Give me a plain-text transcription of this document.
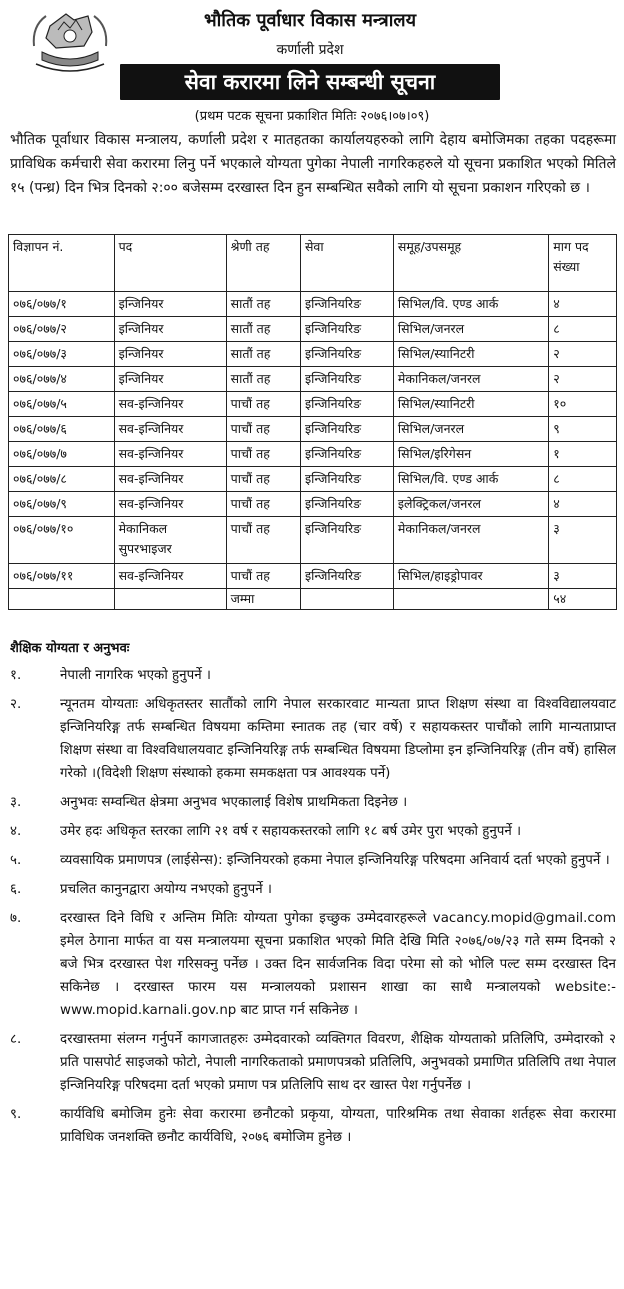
भौतिक पूर्वाधार विकास मन्त्रालय
कर्णाली प्रदेश
सेवा करारमा लिने सम्बन्धी सूचना
(प्रथम पटक सूचना प्रकाशित मितिः २०७६।०७।०९)
भौतिक पूर्वाधार विकास मन्त्रालय, कर्णाली प्रदेश र मातहतका कार्यालयहरुको लागि देहाय बमोजिमका तहका पदहरूमा प्राविधिक कर्मचारी सेवा करारमा लिनु पर्ने भएकाले योग्यता पुगेका नेपाली नागरिकहरुले यो सूचना प्रकाशित भएको मितिले १५ (पन्ध्र) दिन भित्र दिनको २:०० बजेसम्म दरखास्त दिन हुन सम्बन्धित सवैको लागि यो सूचना प्रकाशन गरिएको छ ।
विज्ञापन नं.	पद	श्रेणी तह	सेवा	समूह/उपसमूह	माग पद संख्या
०७६/०७७/१	इन्जिनियर	सातौं तह	इन्जिनियरिङ	सिभिल/वि. एण्ड आर्क	४
०७६/०७७/२	इन्जिनियर	सातौं तह	इन्जिनियरिङ	सिभिल/जनरल	८
०७६/०७७/३	इन्जिनियर	सातौं तह	इन्जिनियरिङ	सिभिल/स्यानिटरी	२
०७६/०७७/४	इन्जिनियर	सातौं तह	इन्जिनियरिङ	मेकानिकल/जनरल	२
०७६/०७७/५	सव-इन्जिनियर	पाचौं तह	इन्जिनियरिङ	सिभिल/स्यानिटरी	१०
०७६/०७७/६	सव-इन्जिनियर	पाचौं तह	इन्जिनियरिङ	सिभिल/जनरल	९
०७६/०७७/७	सव-इन्जिनियर	पाचौं तह	इन्जिनियरिङ	सिभिल/इरिगेसन	१
०७६/०७७/८	सव-इन्जिनियर	पाचौं तह	इन्जिनियरिङ	सिभिल/वि. एण्ड आर्क	८
०७६/०७७/९	सव-इन्जिनियर	पाचौं तह	इन्जिनियरिङ	इलेक्ट्रिकल/जनरल	४
०७६/०७७/१०	मेकानिकल सुपरभाइजर	पाचौं तह	इन्जिनियरिङ	मेकानिकल/जनरल	३
०७६/०७७/११	सव-इन्जिनियर	पाचौं तह	इन्जिनियरिङ	सिभिल/हाइड्रोपावर	३
		जम्मा			५४
शैक्षिक योग्यता र अनुभवः
१.	नेपाली नागरिक भएको हुनुपर्ने ।
२.	न्यूनतम योग्यताः अधिकृतस्तर सातौंको लागि नेपाल सरकारवाट मान्यता प्राप्त शिक्षण संस्था वा विश्वविद्यालयवाट इन्जिनियरिङ्ग तर्फ सम्बन्धित विषयमा कम्तिमा स्नातक तह (चार वर्षे) र सहायकस्तर पाचौंको लागि मान्यताप्राप्त शिक्षण संस्था वा विश्वविधालयवाट इन्जिनियरिङ्ग तर्फ सम्बन्धित विषयमा डिप्लोमा इन इन्जिनियरिङ्ग (तीन वर्षे) हासिल गरेको ।(विदेशी शिक्षण संस्थाको हकमा समकक्षता पत्र आवश्यक पर्ने)
३.	अनुभवः सम्वन्धित क्षेत्रमा अनुभव भएकालाई विशेष प्राथमिकता दिइनेछ ।
४.	उमेर हदः अधिकृत स्तरका लागि २१ वर्ष र सहायकस्तरको लागि १८ बर्ष उमेर पुरा भएको हुनुपर्ने ।
५.	व्यवसायिक प्रमाणपत्र (लाईसेन्स): इन्जिनियरको हकमा नेपाल इन्जिनियरिङ्ग परिषदमा अनिवार्य दर्ता भएको हुनुपर्ने ।
६.	प्रचलित कानुनद्वारा अयोग्य नभएको हुनुपर्ने ।
७.	दरखास्त दिने विधि र अन्तिम मितिः योग्यता पुगेका इच्छुक उम्मेदवारहरूले vacancy.mopid@gmail.com इमेल ठेगाना मार्फत वा यस मन्त्रालयमा सूचना प्रकाशित भएको मिति देखि मिति २०७६/०७/२३ गते सम्म दिनको २ बजे भित्र दरखास्त पेश गरिसक्नु पर्नेछ । उक्त दिन सार्वजनिक विदा परेमा सो को भोलि पल्ट सम्म दरखास्त दिन सकिनेछ । दरखास्त फारम यस मन्त्रालयको प्रशासन शाखा का साथै मन्त्रालयको website:- www.mopid.karnali.gov.np बाट प्राप्त गर्न सकिनेछ ।
८.	दरखास्तमा संलग्न गर्नुपर्ने कागजातहरुः उम्मेदवारको व्यक्तिगत विवरण, शैक्षिक योग्यताको प्रतिलिपि, उम्मेदारको २ प्रति पासपोर्ट साइजको फोटो, नेपाली नागरिकताको प्रमाणपत्रको प्रतिलिपि, अनुभवको प्रमाणित प्रतिलिपि तथा नेपाल इन्जिनियरिङ्ग परिषदमा दर्ता भएको प्रमाण पत्र प्रतिलिपि साथ दर खास्त पेश गर्नुपर्नेछ ।
९.	कार्यविधि बमोजिम हुनेः सेवा करारमा छनौटको प्रकृया, योग्यता, पारिश्रमिक तथा सेवाका शर्तहरू सेवा करारमा प्राविधिक जनशक्ति छनौट कार्यविधि, २०७६ बमोजिम हुनेछ ।
